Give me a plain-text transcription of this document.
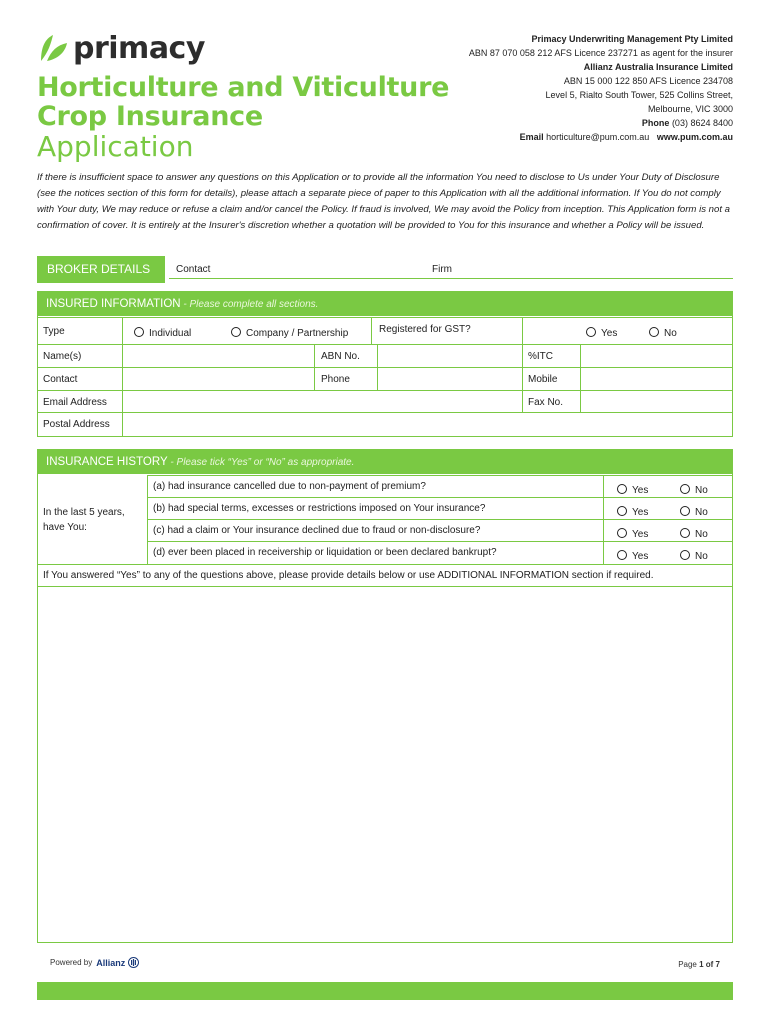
primacy
Horticulture and Viticulture
Crop Insurance
Application
Primacy Underwriting Management Pty Limited
ABN 87 070 058 212 AFS Licence 237271 as agent for the insurer
Allianz Australia Insurance Limited
ABN 15 000 122 850 AFS Licence 234708
Level 5, Rialto South Tower, 525 Collins Street,
Melbourne, VIC 3000
Phone (03) 8624 8400
Email horticulture@pum.com.au www.pum.com.au
If there is insufficient space to answer any questions on this Application or to provide all the information You need to disclose to Us under Your Duty of Disclosure (see the notices section of this form for details), please attach a separate piece of paper to this Application with all the additional information. If You do not comply with Your duty, We may reduce or refuse a claim and/or cancel the Policy. If fraud is involved, We may avoid the Policy from inception. This Application form is not a confirmation of cover. It is entirely at the Insurer's discretion whether a quotation will be provided to You for this insurance and whether a Policy will be issued.
BROKER DETAILS	Contact	Firm
INSURED INFORMATION - Please complete all sections.
Type	Individual	Company / Partnership	Registered for GST?	Yes	No
Name(s)	ABN No.	%ITC
Contact	Phone	Mobile
Email Address	Fax No.
Postal Address
INSURANCE HISTORY - Please tick “Yes” or “No” as appropriate.
In the last 5 years, have You:
(a) had insurance cancelled due to non-payment of premium?	Yes	No
(b) had special terms, excesses or restrictions imposed on Your insurance?	Yes	No
(c) had a claim or Your insurance declined due to fraud or non-disclosure?	Yes	No
(d) ever been placed in receivership or liquidation or been declared bankrupt?	Yes	No
If You answered “Yes” to any of the questions above, please provide details below or use ADDITIONAL INFORMATION section if required.
Powered by Allianz	Page 1 of 7
